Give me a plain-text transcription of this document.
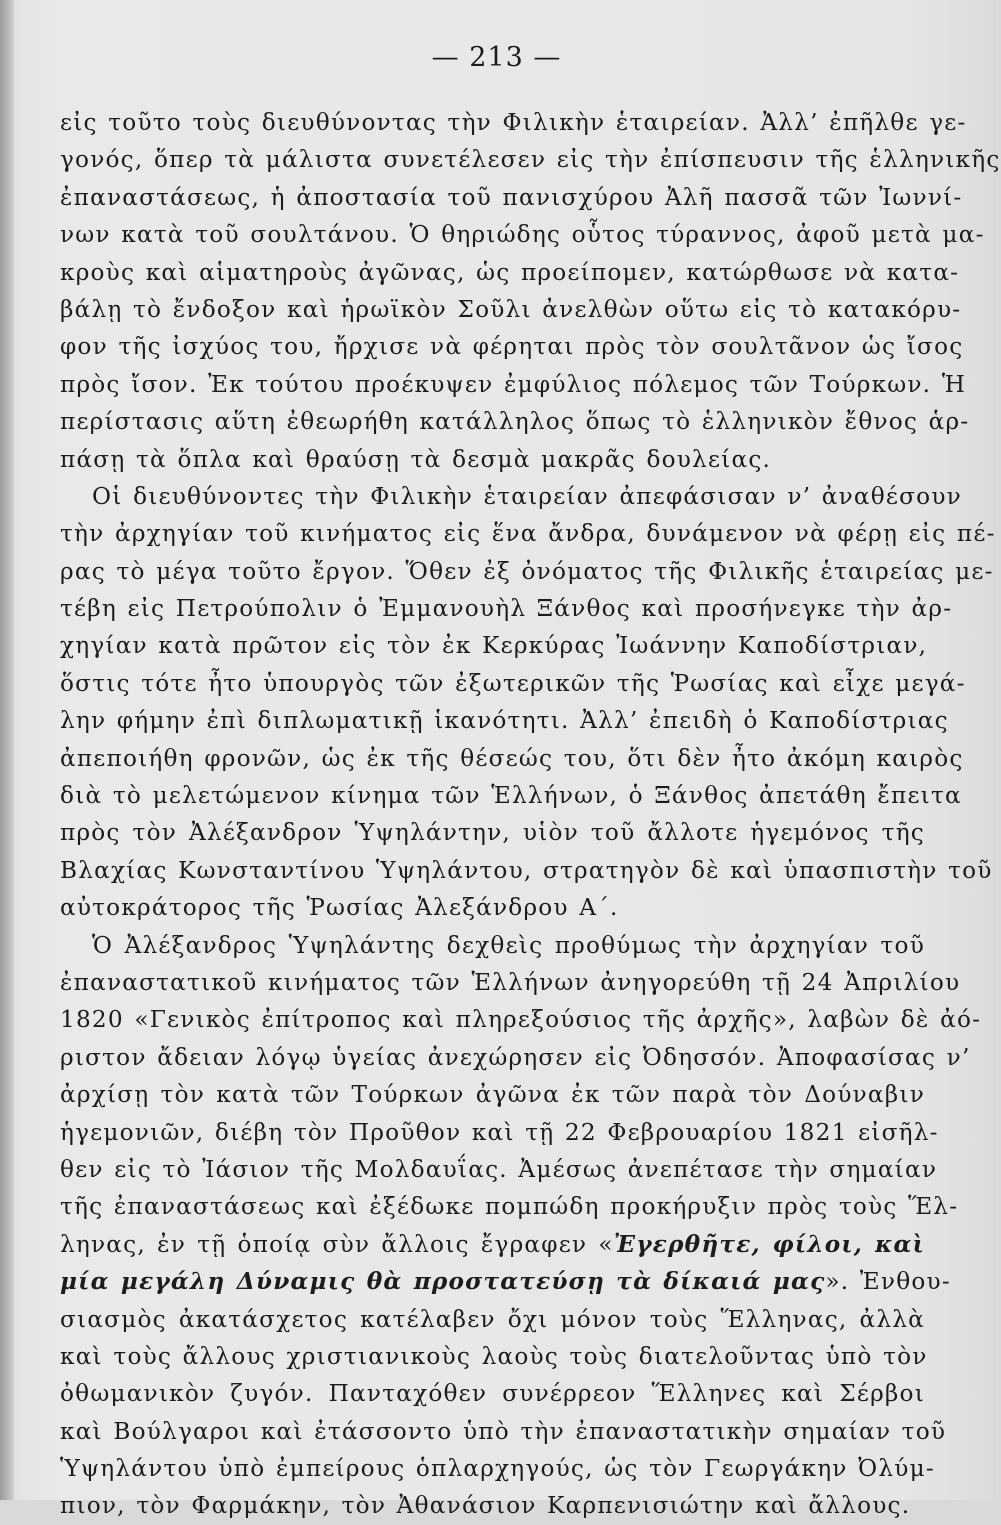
— 213 —
εἰς τοῦτο τοὺς διευθύνοντας τὴν Φιλικὴν ἑταιρείαν. Ἀλλ’ ἐπῆλθε γε-
γονός, ὅπερ τὰ μάλιστα συνετέλεσεν εἰς τὴν ἐπίσπευσιν τῆς ἑλληνικῆς
ἐπαναστάσεως, ἡ ἀποστασία τοῦ πανισχύρου Ἀλῆ πασσᾶ τῶν Ἰωννί-
νων κατὰ τοῦ σουλτάνου. Ὁ θηριώδης οὗτος τύραννος, ἀφοῦ μετὰ μα-
κροὺς καὶ αἱματηροὺς ἀγῶνας, ὡς προείπομεν, κατώρθωσε νὰ κατα-
βάλῃ τὸ ἔνδοξον καὶ ἡρωϊκὸν Σοῦλι ἀνελθὼν οὕτω εἰς τὸ κατακόρυ-
φον τῆς ἰσχύος του, ἤρχισε νὰ φέρηται πρὸς τὸν σουλτᾶνον ὡς ἴσος
πρὸς ἴσον. Ἐκ τούτου προέκυψεν ἐμφύλιος πόλεμος τῶν Τούρκων. Ἡ
περίστασις αὕτη ἐθεωρήθη κατάλληλος ὅπως τὸ ἑλληνικὸν ἔθνος ἁρ-
πάσῃ τὰ ὅπλα καὶ θραύσῃ τὰ δεσμὰ μακρᾶς δουλείας.
Οἱ διευθύνοντες τὴν Φιλικὴν ἑταιρείαν ἀπεφάσισαν ν’ ἀναθέσουν
τὴν ἀρχηγίαν τοῦ κινήματος εἰς ἕνα ἄνδρα, δυνάμενον νὰ φέρῃ εἰς πέ-
ρας τὸ μέγα τοῦτο ἔργον. Ὅθεν ἐξ ὀνόματος τῆς Φιλικῆς ἑταιρείας με-
τέβη εἰς Πετρούπολιν ὁ Ἐμμανουὴλ Ξάνθος καὶ προσήνεγκε τὴν ἀρ-
χηγίαν κατὰ πρῶτον εἰς τὸν ἐκ Κερκύρας Ἰωάννην Καποδίστριαν,
ὅστις τότε ἦτο ὑπουργὸς τῶν ἐξωτερικῶν τῆς Ῥωσίας καὶ εἶχε μεγά-
λην φήμην ἐπὶ διπλωματικῇ ἱκανότητι. Ἀλλ’ ἐπειδὴ ὁ Καποδίστριας
ἀπεποιήθη φρονῶν, ὡς ἐκ τῆς θέσεώς του, ὅτι δὲν ἦτο ἀκόμη καιρὸς
διὰ τὸ μελετώμενον κίνημα τῶν Ἑλλήνων, ὁ Ξάνθος ἀπετάθη ἔπειτα
πρὸς τὸν Ἀλέξανδρον Ὑψηλάντην, υἱὸν τοῦ ἄλλοτε ἡγεμόνος τῆς
Βλαχίας Κωνσταντίνου Ὑψηλάντου, στρατηγὸν δὲ καὶ ὑπασπιστὴν τοῦ
αὐτοκράτορος τῆς Ῥωσίας Ἀλεξάνδρου Α΄.
Ὁ Ἀλέξανδρος Ὑψηλάντης δεχθεὶς προθύμως τὴν ἀρχηγίαν τοῦ
ἐπαναστατικοῦ κινήματος τῶν Ἑλλήνων ἀνηγορεύθη τῇ 24 Ἀπριλίου
1820 «Γενικὸς ἐπίτροπος καὶ πληρεξούσιος τῆς ἀρχῆς», λαβὼν δὲ ἀό-
ριστον ἄδειαν λόγῳ ὑγείας ἀνεχώρησεν εἰς Ὀδησσόν. Ἀποφασίσας ν’
ἀρχίσῃ τὸν κατὰ τῶν Τούρκων ἀγῶνα ἐκ τῶν παρὰ τὸν Δούναβιν
ἡγεμονιῶν, διέβη τὸν Προῦθον καὶ τῇ 22 Φεβρουαρίου 1821 εἰσῆλ-
θεν εἰς τὸ Ἰάσιον τῆς Μολδαυΐας. Ἀμέσως ἀνεπέτασε τὴν σημαίαν
τῆς ἐπαναστάσεως καὶ ἐξέδωκε πομπώδη προκήρυξιν πρὸς τοὺς Ἕλ-
ληνας, ἐν τῇ ὁποίᾳ σὺν ἄλλοις ἔγραφεν «Ἐγερθῆτε, φίλοι, καὶ
μία μεγάλη Δύναμις θὰ προστατεύσῃ τὰ δίκαιά μας». Ἐνθου-
σιασμὸς ἀκατάσχετος κατέλαβεν ὄχι μόνον τοὺς Ἕλληνας, ἀλλὰ
καὶ τοὺς ἄλλους χριστιανικοὺς λαοὺς τοὺς διατελοῦντας ὑπὸ τὸν
ὀθωμανικὸν ζυγόν. Πανταχόθεν συνέρρεον Ἕλληνες καὶ Σέρβοι
καὶ Βούλγαροι καὶ ἐτάσσοντο ὑπὸ τὴν ἐπαναστατικὴν σημαίαν τοῦ
Ὑψηλάντου ὑπὸ ἐμπείρους ὁπλαρχηγούς, ὡς τὸν Γεωργάκην Ὀλύμ-
πιον, τὸν Φαρμάκην, τὸν Ἀθανάσιον Καρπενισιώτην καὶ ἄλλους.
